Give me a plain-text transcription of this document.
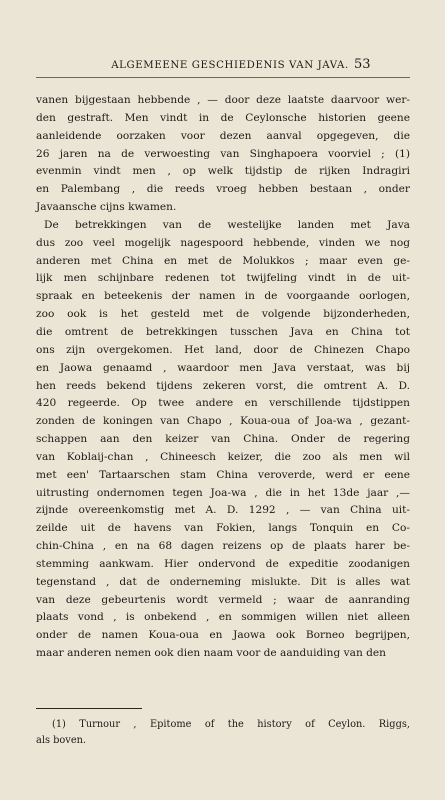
ALGEMEENE GESCHIEDENIS VAN JAVA. 53
vanen bijgestaan hebbende , — door deze laatste daarvoor wer-
den gestraft. Men vindt in de Ceylonsche historien geene
aanleidende oorzaken voor dezen aanval opgegeven, die
26 jaren na de verwoesting van Singhapoera voorviel ; (1)
evenmin vindt men , op welk tijdstip de rijken Indragiri
en Palembang , die reeds vroeg hebben bestaan , onder
Javaansche cijns kwamen.
De betrekkingen van de westelijke landen met Java
dus zoo veel mogelijk nagespoord hebbende, vinden we nog
anderen met China en met de Molukkos ; maar even ge-
lijk men schijnbare redenen tot twijfeling vindt in de uit-
spraak en beteekenis der namen in de voorgaande oorlogen,
zoo ook is het gesteld met de volgende bijzonderheden,
die omtrent de betrekkingen tusschen Java en China tot
ons zijn overgekomen. Het land, door de Chinezen Chapo
en Jaowa genaamd , waardoor men Java verstaat, was bij
hen reeds bekend tijdens zekeren vorst, die omtrent A. D.
420 regeerde. Op twee andere en verschillende tijdstippen
zonden de koningen van Chapo , Koua-oua of Joa-wa , gezant-
schappen aan den keizer van China. Onder de regering
van Koblaij-chan , Chineesch keizer, die zoo als men wil
met een' Tartaarschen stam China veroverde, werd er eene
uitrusting ondernomen tegen Joa-wa , die in het 13de jaar ,—
zijnde overeenkomstig met A. D. 1292 , — van China uit-
zeilde uit de havens van Fokien, langs Tonquin en Co-
chin-China , en na 68 dagen reizens op de plaats harer be-
stemming aankwam. Hier ondervond de expeditie zoodanigen
tegenstand , dat de onderneming mislukte. Dit is alles wat
van deze gebeurtenis wordt vermeld ; waar de aanranding
plaats vond , is onbekend , en sommigen willen niet alleen
onder de namen Koua-oua en Jaowa ook Borneo begrijpen,
maar anderen nemen ook dien naam voor de aanduiding van den
(1) Turnour , Epitome of the history of Ceylon. Riggs,
als boven.
